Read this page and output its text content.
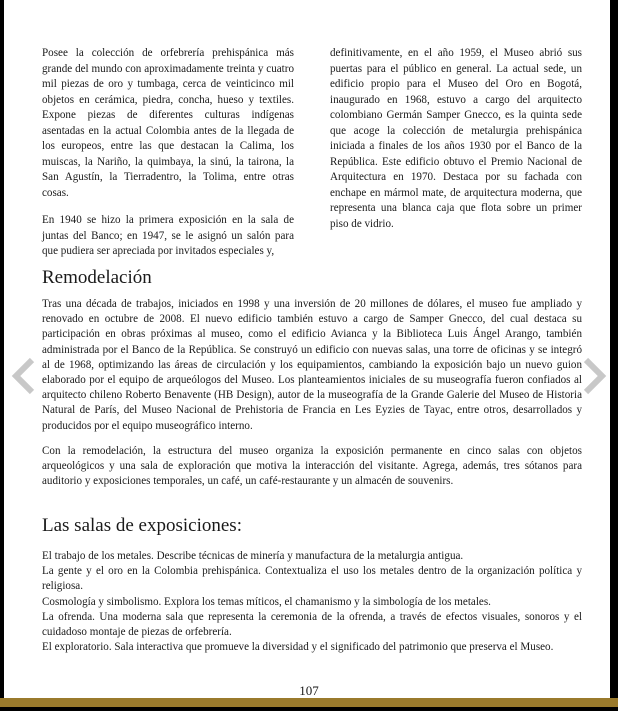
Posee la colección de orfebrería prehispánica más grande del mundo con aproximadamente treinta y cuatro mil piezas de oro y tumbaga, cerca de veinticinco mil objetos en cerámica, piedra, concha, hueso y textiles. Expone piezas de diferentes culturas indígenas asentadas en la actual Colombia antes de la llegada de los europeos, entre las que destacan la Calima, los muiscas, la Nariño, la quimbaya, la sinú, la tairona, la San Agustín, la Tierradentro, la Tolima, entre otras cosas.

En 1940 se hizo la primera exposición en la sala de juntas del Banco; en 1947, se le asignó un salón para que pudiera ser apreciada por invitados especiales y,

definitivamente, en el año 1959, el Museo abrió sus puertas para el público en general. La actual sede, un edificio propio para el Museo del Oro en Bogotá, inaugurado en 1968, estuvo a cargo del arquitecto colombiano Germán Samper Gnecco, es la quinta sede que acoge la colección de metalurgia prehispánica iniciada a finales de los años 1930 por el Banco de la República. Este edificio obtuvo el Premio Nacional de Arquitectura en 1970. Destaca por su fachada con enchape en mármol mate, de arquitectura moderna, que representa una blanca caja que flota sobre un primer piso de vidrio.

Remodelación

Tras una década de trabajos, iniciados en 1998 y una inversión de 20 millones de dólares, el museo fue ampliado y renovado en octubre de 2008. El nuevo edificio también estuvo a cargo de Samper Gnecco, del cual destaca su participación en obras próximas al museo, como el edificio Avianca y la Biblioteca Luis Ángel Arango, también administrada por el Banco de la República. Se construyó un edificio con nuevas salas, una torre de oficinas y se integró al de 1968, optimizando las áreas de circulación y los equipamientos, cambiando la exposición bajo un nuevo guion elaborado por el equipo de arqueólogos del Museo. Los planteamientos iniciales de su museografía fueron confiados al arquitecto chileno Roberto Benavente (HB Design), autor de la museografía de la Grande Galerie del Museo de Historia Natural de París, del Museo Nacional de Prehistoria de Francia en Les Eyzies de Tayac, entre otros, desarrollados y producidos por el equipo museográfico interno.

Con la remodelación, la estructura del museo organiza la exposición permanente en cinco salas con objetos arqueológicos y una sala de exploración que motiva la interacción del visitante. Agrega, además, tres sótanos para auditorio y exposiciones temporales, un café, un café-restaurante y un almacén de souvenirs.

Las salas de exposiciones:

El trabajo de los metales. Describe técnicas de minería y manufactura de la metalurgia antigua.

La gente y el oro en la Colombia prehispánica. Contextualiza el uso los metales dentro de la organización política y religiosa.

Cosmología y simbolismo. Explora los temas míticos, el chamanismo y la simbología de los metales.

La ofrenda. Una moderna sala que representa la ceremonia de la ofrenda, a través de efectos visuales, sonoros y el cuidadoso montaje de piezas de orfebrería.

El exploratorio. Sala interactiva que promueve la diversidad y el significado del patrimonio que preserva el Museo.

107
